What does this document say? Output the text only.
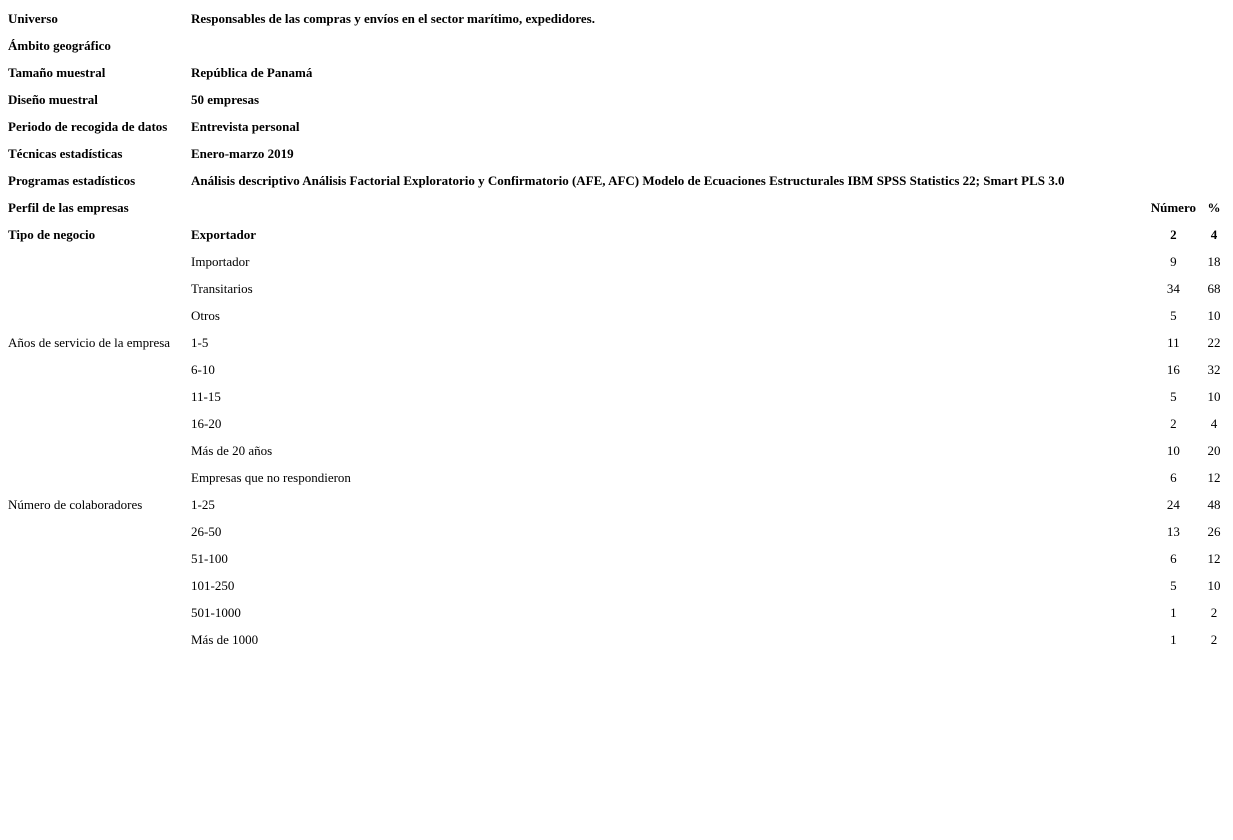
Universo	Responsables de las compras y envíos en el sector marítimo, expedidores.		
Ámbito geográfico			
Tamaño muestral	República de Panamá		
Diseño muestral	50 empresas		
Periodo de recogida de datos	Entrevista personal		
Técnicas estadísticas	Enero-marzo 2019		
Programas estadísticos	Análisis descriptivo Análisis Factorial Exploratorio y Confirmatorio (AFE, AFC) Modelo de Ecuaciones Estructurales IBM SPSS Statistics 22; Smart PLS 3.0		
Perfil de las empresas		Número	%
Tipo de negocio	Exportador	2	4
	Importador	9	18
	Transitarios	34	68
	Otros	5	10
Años de servicio de la empresa	1-5	11	22
	6-10	16	32
	11-15	5	10
	16-20	2	4
	Más de 20 años	10	20
	Empresas que no respondieron	6	12
Número de colaboradores	1-25	24	48
	26-50	13	26
	51-100	6	12
	101-250	5	10
	501-1000	1	2
	Más de 1000	1	2
